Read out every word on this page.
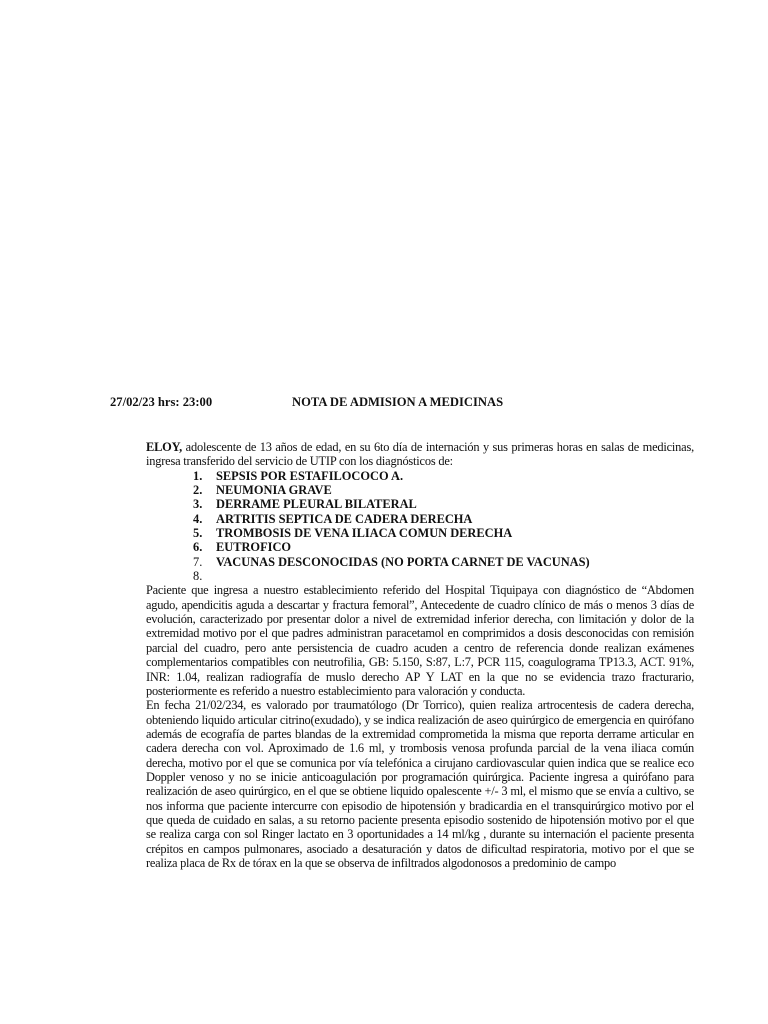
27/02/23 hrs: 23:00	NOTA DE ADMISION A MEDICINAS

ELOY, adolescente de 13 años de edad, en su 6to día de internación y sus primeras horas en salas de medicinas, ingresa transferido del servicio de UTIP con los diagnósticos de:

1. SEPSIS POR ESTAFILOCOCO A.
2. NEUMONIA GRAVE
3. DERRAME PLEURAL BILATERAL
4. ARTRITIS SEPTICA DE CADERA DERECHA
5. TROMBOSIS DE VENA ILIACA COMUN DERECHA
6. EUTROFICO
7. VACUNAS DESCONOCIDAS (NO PORTA CARNET DE VACUNAS)
8.

Paciente que ingresa a nuestro establecimiento referido del Hospital Tiquipaya con diagnóstico de “Abdomen agudo, apendicitis aguda a descartar y fractura femoral”, Antecedente de cuadro clínico de más o menos 3 días de evolución, caracterizado por presentar dolor a nivel de extremidad inferior derecha, con limitación y dolor de la extremidad motivo por el que padres administran paracetamol en comprimidos a dosis desconocidas con remisión parcial del cuadro, pero ante persistencia de cuadro acuden a centro de referencia donde realizan exámenes complementarios compatibles con neutrofilia, GB: 5.150, S:87, L:7, PCR 115, coagulograma TP13.3, ACT. 91%, INR: 1.04, realizan radiografía de muslo derecho AP Y LAT en la que no se evidencia trazo fracturario, posteriormente es referido a nuestro establecimiento para valoración y conducta.

En fecha 21/02/234, es valorado por traumatólogo (Dr Torrico), quien realiza artrocentesis de cadera derecha, obteniendo liquido articular citrino(exudado), y se indica realización de aseo quirúrgico de emergencia en quirófano además de ecografía de partes blandas de la extremidad comprometida la misma que reporta derrame articular en cadera derecha con vol. Aproximado de 1.6 ml, y trombosis venosa profunda parcial de la vena iliaca común derecha, motivo por el que se comunica por vía telefónica a cirujano cardiovascular quien indica que se realice eco Doppler venoso y no se inicie anticoagulación por programación quirúrgica. Paciente ingresa a quirófano para realización de aseo quirúrgico, en el que se obtiene liquido opalescente +/- 3 ml, el mismo que se envía a cultivo, se nos informa que paciente intercurre con episodio de hipotensión y bradicardia en el transquirúrgico motivo por el que queda de cuidado en salas, a su retorno paciente presenta episodio sostenido de hipotensión motivo por el que se realiza carga con sol Ringer lactato en 3 oportunidades a 14 ml/kg , durante su internación el paciente presenta crépitos en campos pulmonares, asociado a desaturación y datos de dificultad respiratoria, motivo por el que se realiza placa de Rx de tórax en la que se observa de infiltrados algodonosos a predominio de campo
